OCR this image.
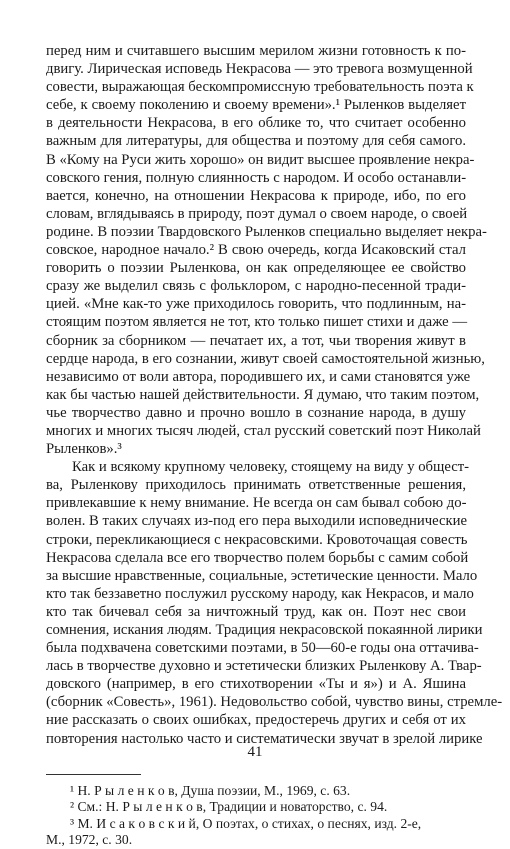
перед ним и считавшего высшим мерилом жизни готовность к по-
двигу. Лирическая исповедь Некрасова — это тревога возмущенной
совести, выражающая бескомпромиссную требовательность поэта к
себе, к своему поколению и своему времени».¹ Рыленков выделяет
в деятельности Некрасова, в его облике то, что считает особенно
важным для литературы, для общества и поэтому для себя самого.
В «Кому на Руси жить хорошо» он видит высшее проявление некра-
совского гения, полную слиянность с народом. И особо останавли-
вается, конечно, на отношении Некрасова к природе, ибо, по его
словам, вглядываясь в природу, поэт думал о своем народе, о своей
родине. В поэзии Твардовского Рыленков специально выделяет некра-
совское, народное начало.² В свою очередь, когда Исаковский стал
говорить о поэзии Рыленкова, он как определяющее ее свойство
сразу же выделил связь с фольклором, с народно-песенной тради-
цией. «Мне как-то уже приходилось говорить, что подлинным, на-
стоящим поэтом является не тот, кто только пишет стихи и даже —
сборник за сборником — печатает их, а тот, чьи творения живут в
сердце народа, в его сознании, живут своей самостоятельной жизнью,
независимо от воли автора, породившего их, и сами становятся уже
как бы частью нашей действительности. Я думаю, что таким поэтом,
чье творчество давно и прочно вошло в сознание народа, в душу
многих и многих тысяч людей, стал русский советский поэт Николай
Рыленков».³
Как и всякому крупному человеку, стоящему на виду у общест-
ва, Рыленкову приходилось принимать ответственные решения,
привлекавшие к нему внимание. Не всегда он сам бывал собою до-
волен. В таких случаях из-под его пера выходили исповеднические
строки, перекликающиеся с некрасовскими. Кровоточащая совесть
Некрасова сделала все его творчество полем борьбы с самим собой
за высшие нравственные, социальные, эстетические ценности. Мало
кто так беззаветно послужил русскому народу, как Некрасов, и мало
кто так бичевал себя за ничтожный труд, как он. Поэт нес свои
сомнения, искания людям. Традиция некрасовской покаянной лирики
была подхвачена советскими поэтами, в 50—60-е годы она оттачива-
лась в творчестве духовно и эстетически близких Рыленкову А. Твар-
довского (например, в его стихотворении «Ты и я») и А. Яшина
(сборник «Совесть», 1961). Недовольство собой, чувство вины, стремле-
ние рассказать о своих ошибках, предостеречь других и себя от их
повторения настолько часто и систематически звучат в зрелой лирике
¹ Н. Р ы л е н к о в, Душа поэзии, М., 1969, с. 63.
² См.: Н. Р ы л е н к о в, Традиции и новаторство, с. 94.
³ М. И с а к о в с к и й, О поэтах, о стихах, о песнях, изд. 2-е,
М., 1972, с. 30.
41
